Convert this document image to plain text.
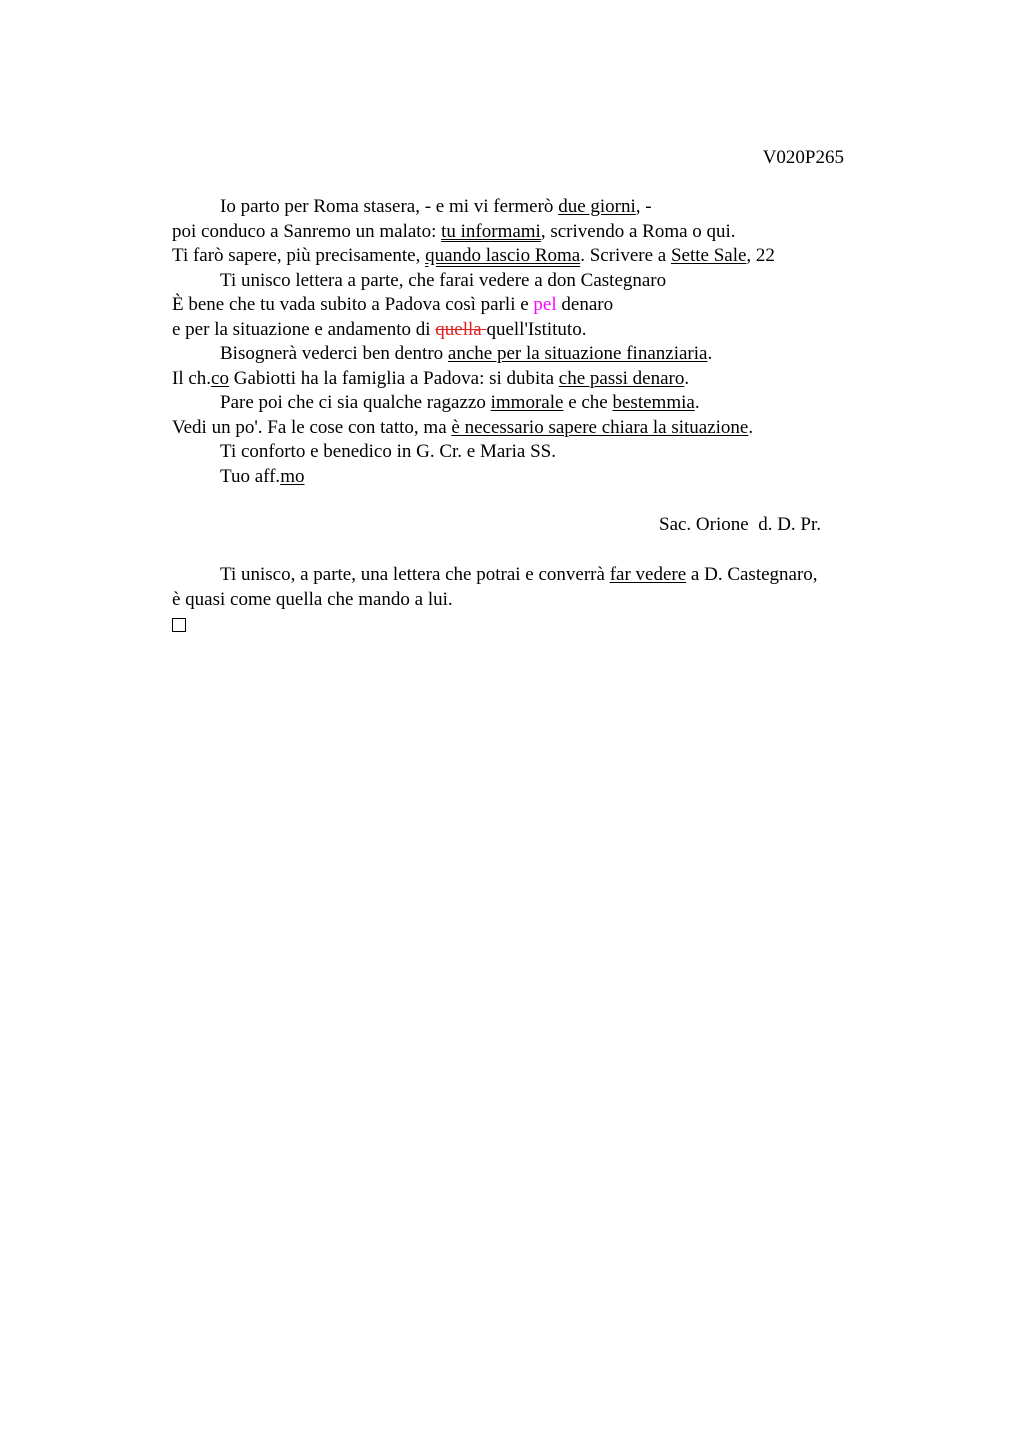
V020P265
Io parto per Roma stasera, - e mi vi fermerò due giorni, -
poi conduco a Sanremo un malato: tu informami, scrivendo a Roma o qui.
Ti farò sapere, più precisamente, quando lascio Roma. Scrivere a Sette Sale, 22
Ti unisco lettera a parte, che farai vedere a don Castegnaro
È bene che tu vada subito a Padova così parli e pel denaro
e per la situazione e andamento di quella quell'Istituto.
Bisognerà vederci ben dentro anche per la situazione finanziaria.
Il ch.co Gabiotti ha la famiglia a Padova: si dubita che passi denaro.
Pare poi che ci sia qualche ragazzo immorale e che bestemmia.
Vedi un po'. Fa le cose con tatto, ma è necessario sapere chiara la situazione.
Ti conforto e benedico in G. Cr. e Maria SS.
Tuo aff.mo
Sac. Orione  d. D. Pr.
Ti unisco, a parte, una lettera che potrai e converrà far vedere a D. Castegnaro,
è quasi come quella che mando a lui.
